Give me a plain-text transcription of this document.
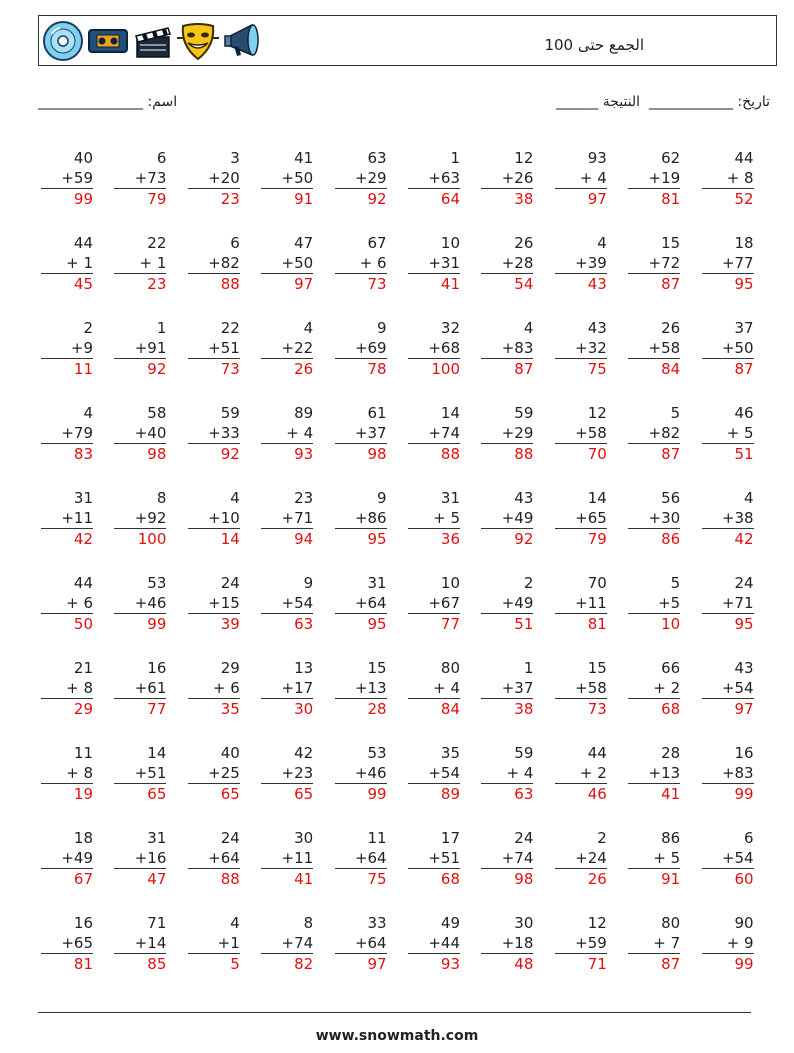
الجمع حتى 100
اسم: _______________	تاريخ: ____________  النتيجة ______
40
+59
99
6
+73
79
3
+20
23
41
+50
91
63
+29
92
1
+63
64
12
+26
38
93
+ 4
97
62
+19
81
44
+ 8
52
44
+ 1
45
22
+ 1
23
6
+82
88
47
+50
97
67
+ 6
73
10
+31
41
26
+28
54
4
+39
43
15
+72
87
18
+77
95
2
+9
11
1
+91
92
22
+51
73
4
+22
26
9
+69
78
32
+68
100
4
+83
87
43
+32
75
26
+58
84
37
+50
87
4
+79
83
58
+40
98
59
+33
92
89
+ 4
93
61
+37
98
14
+74
88
59
+29
88
12
+58
70
5
+82
87
46
+ 5
51
31
+11
42
8
+92
100
4
+10
14
23
+71
94
9
+86
95
31
+ 5
36
43
+49
92
14
+65
79
56
+30
86
4
+38
42
44
+ 6
50
53
+46
99
24
+15
39
9
+54
63
31
+64
95
10
+67
77
2
+49
51
70
+11
81
5
+5
10
24
+71
95
21
+ 8
29
16
+61
77
29
+ 6
35
13
+17
30
15
+13
28
80
+ 4
84
1
+37
38
15
+58
73
66
+ 2
68
43
+54
97
11
+ 8
19
14
+51
65
40
+25
65
42
+23
65
53
+46
99
35
+54
89
59
+ 4
63
44
+ 2
46
28
+13
41
16
+83
99
18
+49
67
31
+16
47
24
+64
88
30
+11
41
11
+64
75
17
+51
68
24
+74
98
2
+24
26
86
+ 5
91
6
+54
60
16
+65
81
71
+14
85
4
+1
5
8
+74
82
33
+64
97
49
+44
93
30
+18
48
12
+59
71
80
+ 7
87
90
+ 9
99
www.snowmath.com
